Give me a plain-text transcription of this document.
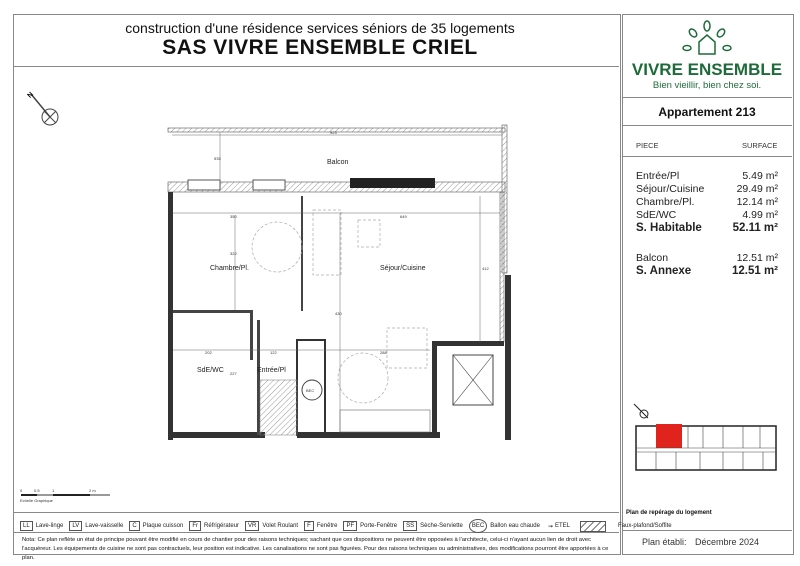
construction d'une résidence services séniors de 35 logements
SAS VIVRE ENSEMBLE CRIEL
VIVRE ENSEMBLE
Bien vieillir, bien chez soi.
Appartement 213
PIECE	SURFACE
Entrée/Pl	5.49 m²
Séjour/Cuisine	29.49 m²
Chambre/Pl.	12.14 m²
SdE/WC	4.99 m²
S. Habitable	52.11 m²
Balcon	12.51 m²
S. Annexe	12.51 m²
N
923
535
350	649
322
412
430
202	122	288
227
BEC
Balcon
Chambre/Pl.	Séjour/Cuisine
SdE/WC	Entrée/Pl
0	0.5	1	2 m
Echelle Graphique
Plan de repérage du logement
Plan établi: Décembre 2024
LL	Lave-linge	LV	Lave-vaisselle	C	Plaque cuisson	Fr	Réfrigérateur	VR	Volet Roulant	F	Fenêtre	PF	Porte-Fenêtre	SS	Sèche-Serviette	BEC	Ballon eau chaude ⇝ ETEL	Faux-plafond/Soffite
Nota: Ce plan reflète un état de principe pouvant être modifié en cours de chantier pour des raisons techniques; sachant que ces dispositions ne peuvent être opposées à l'architecte, celui-ci n'ayant aucun lien de droit avec l'acquéreur. Les équipements de cuisine ne sont pas contractuels, leur position est indicative. Les canalisations ne sont pas figurées. Pour des raisons techniques ou administratives, des modifications pourront être apportées à ce plan.
